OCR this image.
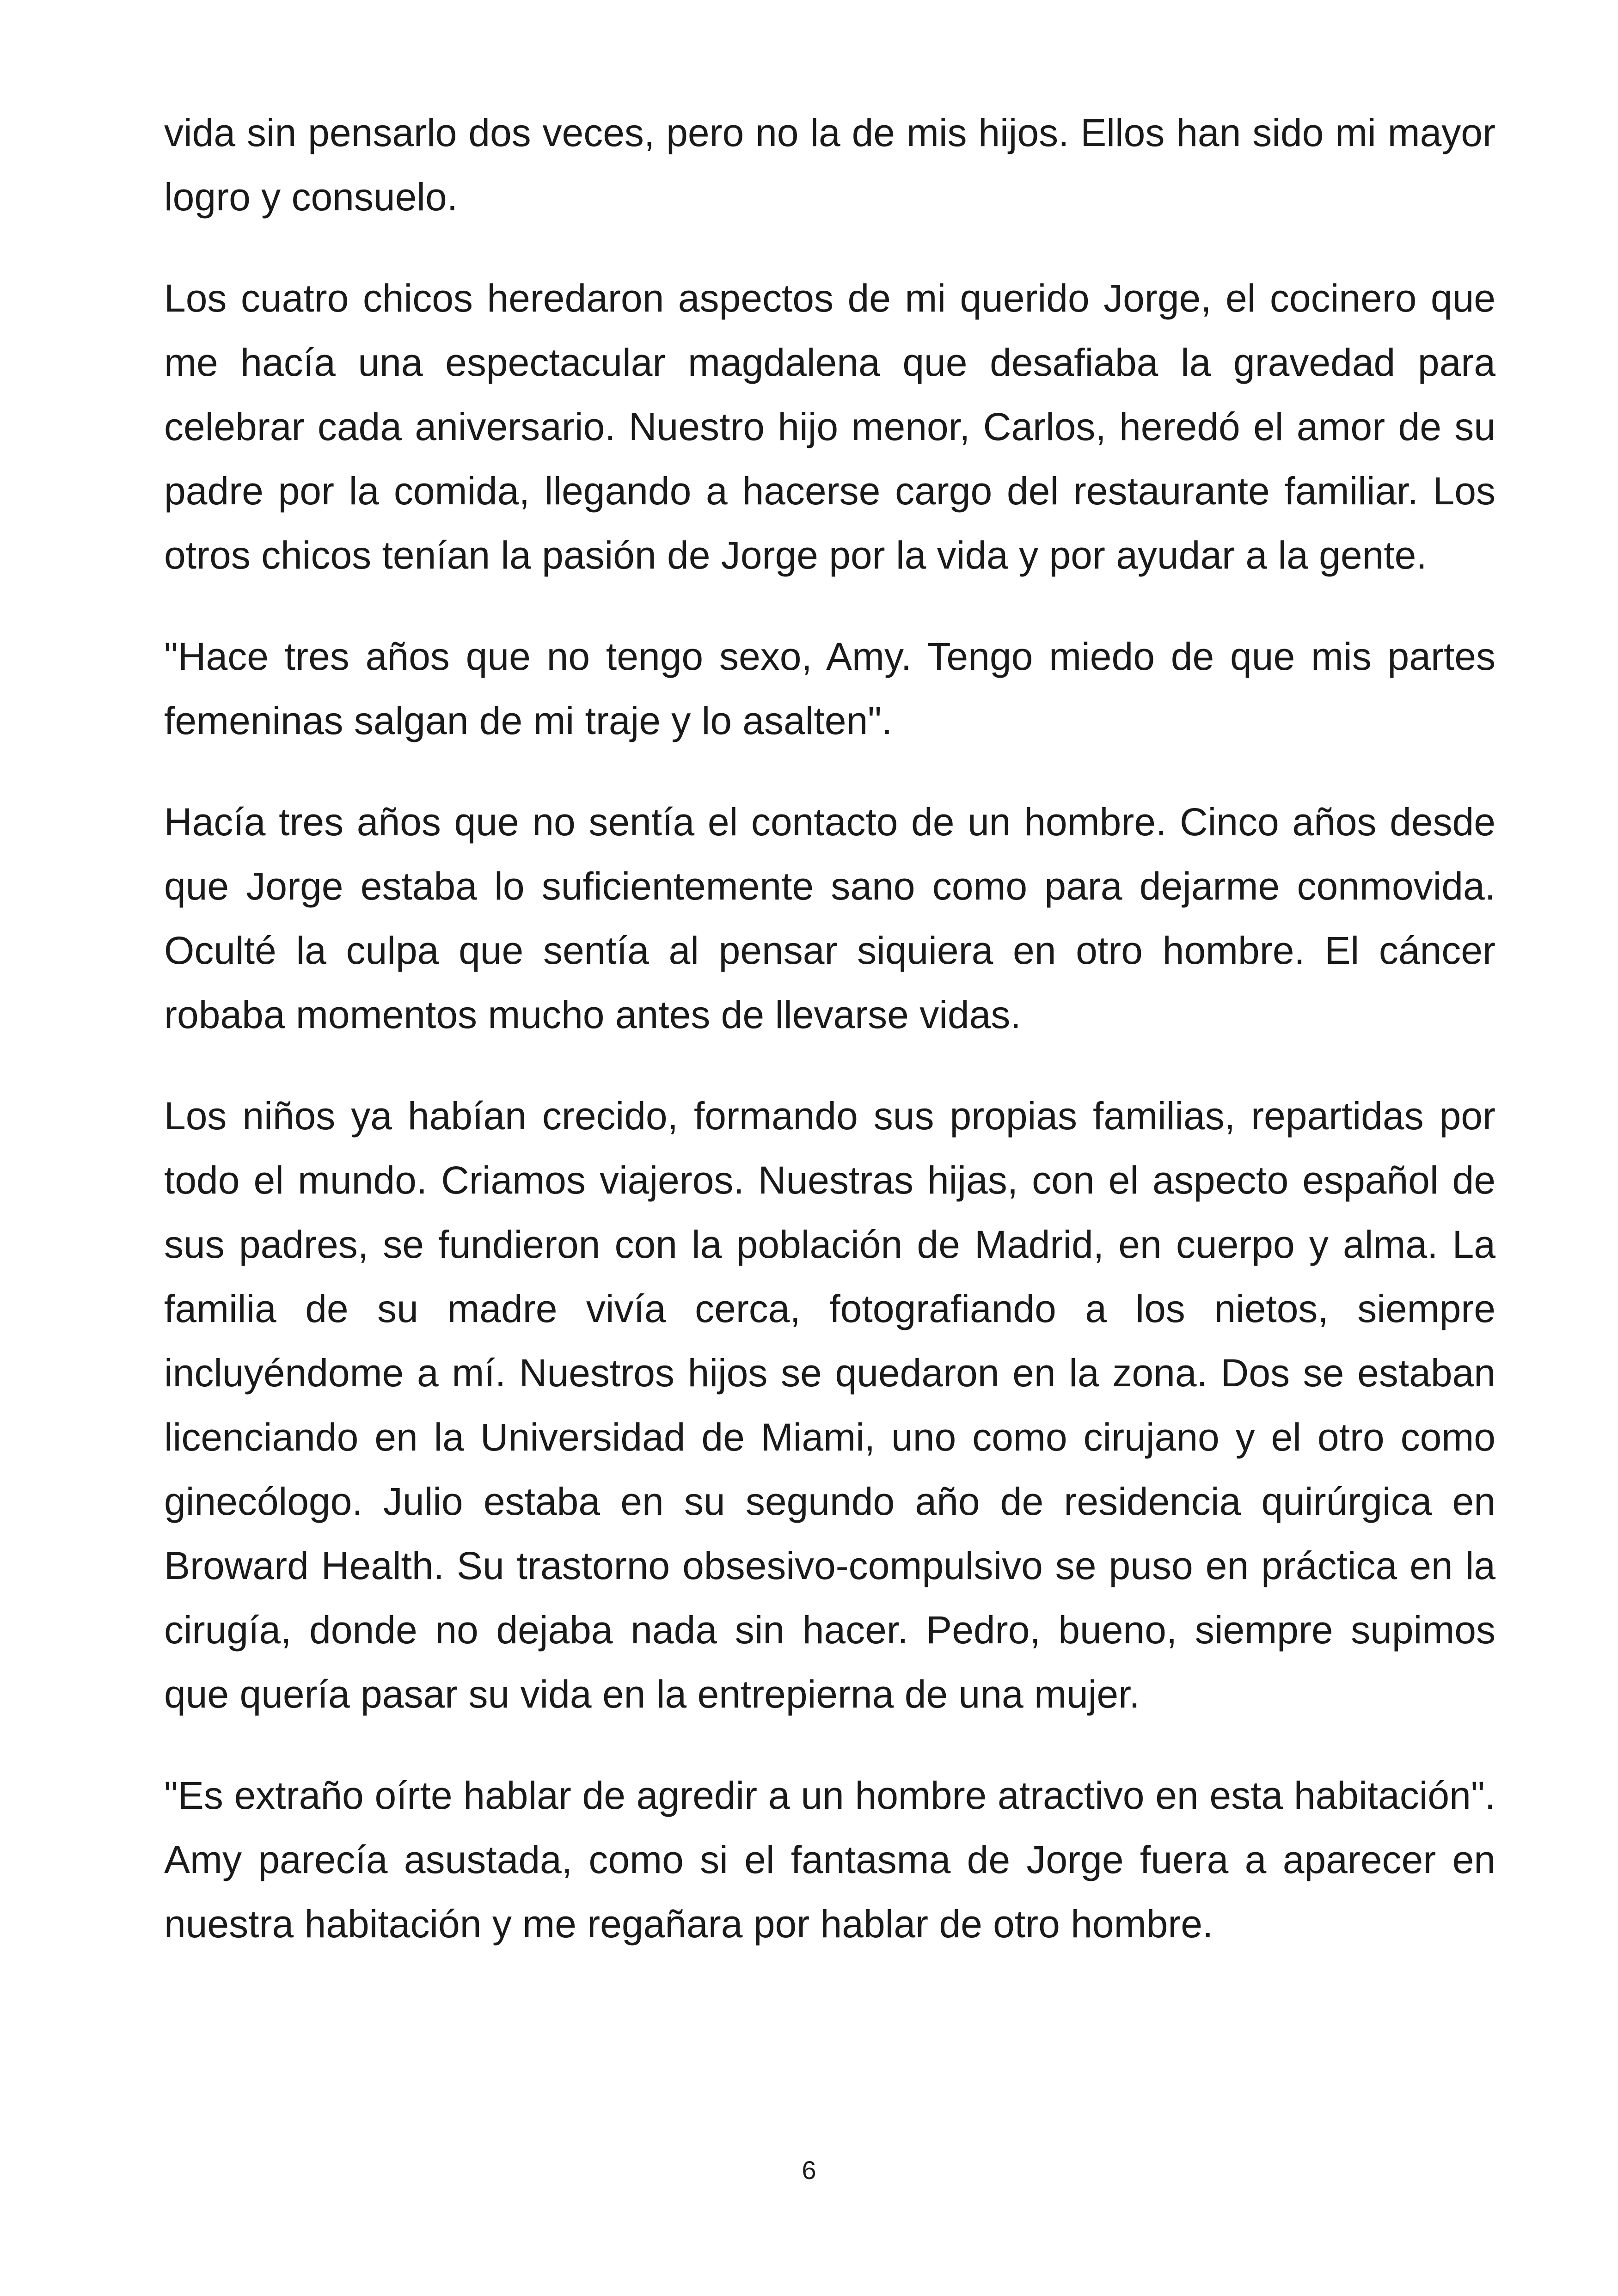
vida sin pensarlo dos veces, pero no la de mis hijos. Ellos han sido mi mayor logro y consuelo.

Los cuatro chicos heredaron aspectos de mi querido Jorge, el cocinero que me hacía una espectacular magdalena que desafiaba la gravedad para celebrar cada aniversario. Nuestro hijo menor, Carlos, heredó el amor de su padre por la comida, llegando a hacerse cargo del restaurante familiar. Los otros chicos tenían la pasión de Jorge por la vida y por ayudar a la gente.

"Hace tres años que no tengo sexo, Amy. Tengo miedo de que mis partes femeninas salgan de mi traje y lo asalten".

Hacía tres años que no sentía el contacto de un hombre. Cinco años desde que Jorge estaba lo suficientemente sano como para dejarme conmovida. Oculté la culpa que sentía al pensar siquiera en otro hombre. El cáncer robaba momentos mucho antes de llevarse vidas.

Los niños ya habían crecido, formando sus propias familias, repartidas por todo el mundo. Criamos viajeros. Nuestras hijas, con el aspecto español de sus padres, se fundieron con la población de Madrid, en cuerpo y alma. La familia de su madre vivía cerca, fotografiando a los nietos, siempre incluyéndome a mí. Nuestros hijos se quedaron en la zona. Dos se estaban licenciando en la Universidad de Miami, uno como cirujano y el otro como ginecólogo. Julio estaba en su segundo año de residencia quirúrgica en Broward Health. Su trastorno obsesivo-compulsivo se puso en práctica en la cirugía, donde no dejaba nada sin hacer. Pedro, bueno, siempre supimos que quería pasar su vida en la entrepierna de una mujer.

"Es extraño oírte hablar de agredir a un hombre atractivo en esta habitación". Amy parecía asustada, como si el fantasma de Jorge fuera a aparecer en nuestra habitación y me regañara por hablar de otro hombre.

6
